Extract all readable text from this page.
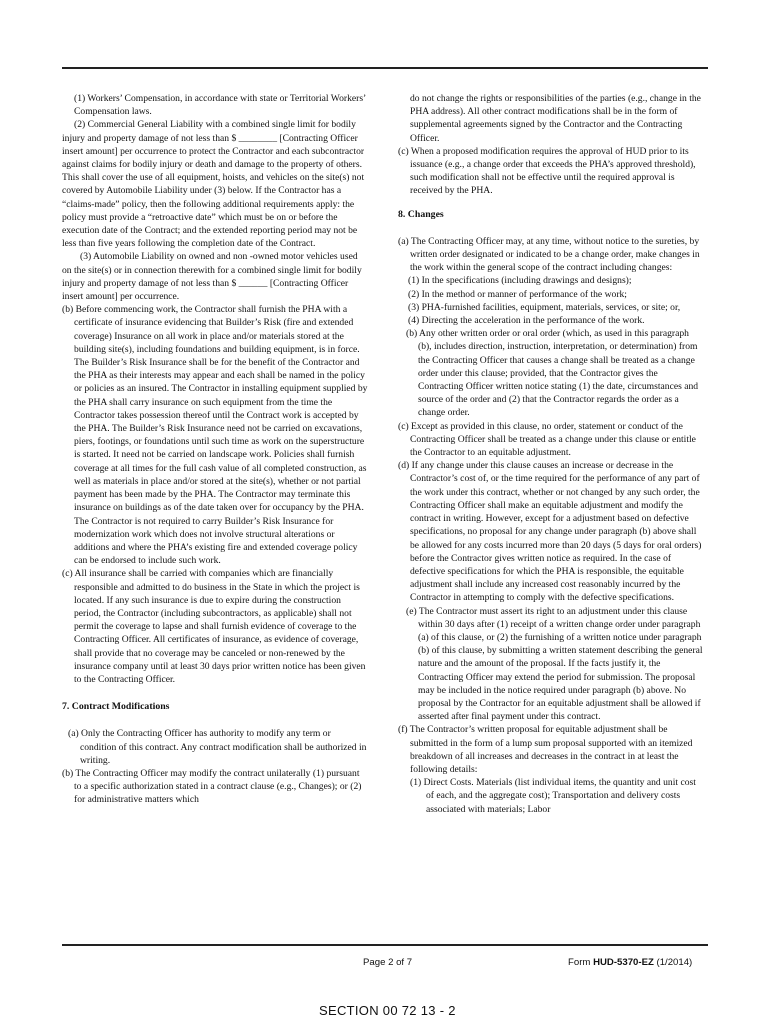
(1) Workers’ Compensation, in accordance with state or Territorial Workers’ Compensation laws.

(2) Commercial General Liability with a combined single limit for bodily injury and property damage of not less than $ ________ [Contracting Officer insert amount] per occurrence to protect the Contractor and each subcontractor against claims for bodily injury or death and damage to the property of others. This shall cover the use of all equipment, hoists, and vehicles on the site(s) not covered by Automobile Liability under (3) below. If the Contractor has a “claims-made” policy, then the following additional requirements apply: the policy must provide a “retroactive date” which must be on or before the execution date of the Contract; and the extended reporting period may not be less than five years following the completion date of the Contract.

(3) Automobile Liability on owned and non -owned motor vehicles used on the site(s) or in connection therewith for a combined single limit for bodily injury and property damage of not less than $ ______ [Contracting Officer insert amount] per occurrence.

(b) Before commencing work, the Contractor shall furnish the PHA with a certificate of insurance evidencing that Builder’s Risk (fire and extended coverage) Insurance on all work in place and/or materials stored at the building site(s), including foundations and building equipment, is in force. The Builder’s Risk Insurance shall be for the benefit of the Contractor and the PHA as their interests may appear and each shall be named in the policy or policies as an insured. The Contractor in installing equipment supplied by the PHA shall carry insurance on such equipment from the time the Contractor takes possession thereof until the Contract work is accepted by the PHA. The Builder’s Risk Insurance need not be carried on excavations, piers, footings, or foundations until such time as work on the superstructure is started. It need not be carried on landscape work. Policies shall furnish coverage at all times for the full cash value of all completed construction, as well as materials in place and/or stored at the site(s), whether or not partial payment has been made by the PHA. The Contractor may terminate this insurance on buildings as of the date taken over for occupancy by the PHA. The Contractor is not required to carry Builder’s Risk Insurance for modernization work which does not involve structural alterations or additions and where the PHA’s existing fire and extended coverage policy can be endorsed to include such work.

(c) All insurance shall be carried with companies which are financially responsible and admitted to do business in the State in which the project is located. If any such insurance is due to expire during the construction period, the Contractor (including subcontractors, as applicable) shall not permit the coverage to lapse and shall furnish evidence of coverage to the Contracting Officer. All certificates of insurance, as evidence of coverage, shall provide that no coverage may be canceled or non-renewed by the insurance company until at least 30 days prior written notice has been given to the Contracting Officer.

7. Contract Modifications

(a) Only the Contracting Officer has authority to modify any term or condition of this contract. Any contract modification shall be authorized in writing.

(b) The Contracting Officer may modify the contract unilaterally (1) pursuant to a specific authorization stated in a contract clause (e.g., Changes); or (2) for administrative matters which

do not change the rights or responsibilities of the parties (e.g., change in the PHA address). All other contract modifications shall be in the form of supplemental agreements signed by the Contractor and the Contracting Officer.

(c) When a proposed modification requires the approval of HUD prior to its issuance (e.g., a change order that exceeds the PHA’s approved threshold), such modification shall not be effective until the required approval is received by the PHA.

8. Changes

(a) The Contracting Officer may, at any time, without notice to the sureties, by written order designated or indicated to be a change order, make changes in the work within the general scope of the contract including changes:

(1) In the specifications (including drawings and designs);

(2) In the method or manner of performance of the work;

(3) PHA-furnished facilities, equipment, materials, services, or site; or,

(4) Directing the acceleration in the performance of the work.

(b) Any other written order or oral order (which, as used in this paragraph (b), includes direction, instruction, interpretation, or determination) from the Contracting Officer that causes a change shall be treated as a change order under this clause; provided, that the Contractor gives the Contracting Officer written notice stating (1) the date, circumstances and source of the order and (2) that the Contractor regards the order as a change order.

(c) Except as provided in this clause, no order, statement or conduct of the Contracting Officer shall be treated as a change under this clause or entitle the Contractor to an equitable adjustment.

(d) If any change under this clause causes an increase or decrease in the Contractor’s cost of, or the time required for the performance of any part of the work under this contract, whether or not changed by any such order, the Contracting Officer shall make an equitable adjustment and modify the contract in writing. However, except for a adjustment based on defective specifications, no proposal for any change under paragraph (b) above shall be allowed for any costs incurred more than 20 days (5 days for oral orders) before the Contractor gives written notice as required. In the case of defective specifications for which the PHA is responsible, the equitable adjustment shall include any increased cost reasonably incurred by the Contractor in attempting to comply with the defective specifications.

(e) The Contractor must assert its right to an adjustment under this clause within 30 days after (1) receipt of a written change order under paragraph (a) of this clause, or (2) the furnishing of a written notice under paragraph (b) of this clause, by submitting a written statement describing the general nature and the amount of the proposal. If the facts justify it, the Contracting Officer may extend the period for submission. The proposal may be included in the notice required under paragraph (b) above. No proposal by the Contractor for an equitable adjustment shall be allowed if asserted after final payment under this contract.

(f) The Contractor’s written proposal for equitable adjustment shall be submitted in the form of a lump sum proposal supported with an itemized breakdown of all increases and decreases in the contract in at least the following details:

(1) Direct Costs. Materials (list individual items, the quantity and unit cost of each, and the aggregate cost); Transportation and delivery costs associated with materials; Labor

Page 2 of 7	Form HUD-5370-EZ (1/2014)
SECTION 00 72 13 - 2
